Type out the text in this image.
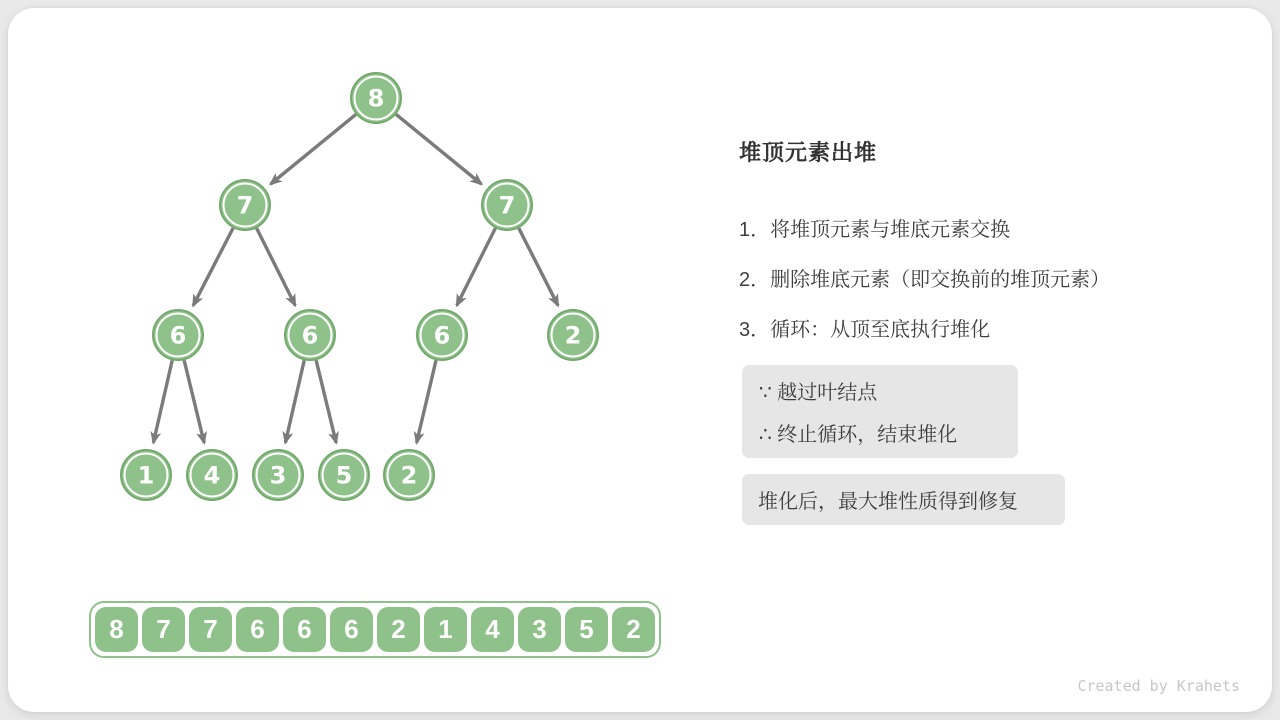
8
7	7
6	6	6	2
1 4 3 5 2
堆顶元素出堆
1．将堆顶元素与堆底元素交换
2．删除堆底元素（即交换前的堆顶元素）
3．循环：从顶至底执行堆化
∵ 越过叶结点
∴ 终止循环，结束堆化
堆化后，最大堆性质得到修复
8	7	7	6	6	6	2	1	4	3	5	2
Created by Krahets
